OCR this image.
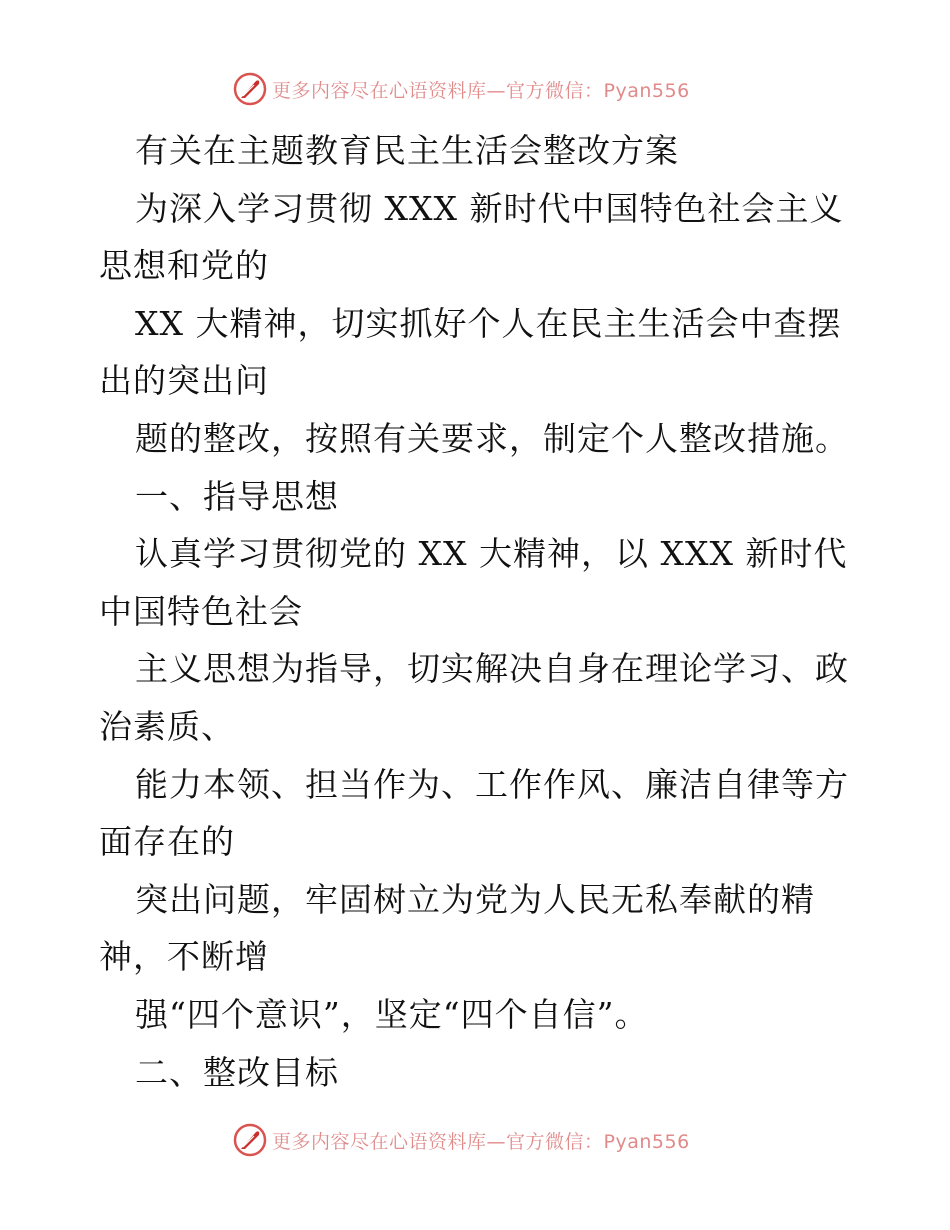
更多内容尽在心语资料库—官方微信：Pyan556
有关在主题教育民主生活会整改方案
为深入学习贯彻 XXX 新时代中国特色社会主义
思想和党的
XX 大精神，切实抓好个人在民主生活会中查摆
出的突出问
题的整改，按照有关要求，制定个人整改措施。
一、指导思想
认真学习贯彻党的 XX 大精神，以 XXX 新时代
中国特色社会
主义思想为指导，切实解决自身在理论学习、政
治素质、
能力本领、担当作为、工作作风、廉洁自律等方
面存在的
突出问题，牢固树立为党为人民无私奉献的精
神，不断增
强“四个意识”，坚定“四个自信”。
二、整改目标
更多内容尽在心语资料库—官方微信：Pyan556
